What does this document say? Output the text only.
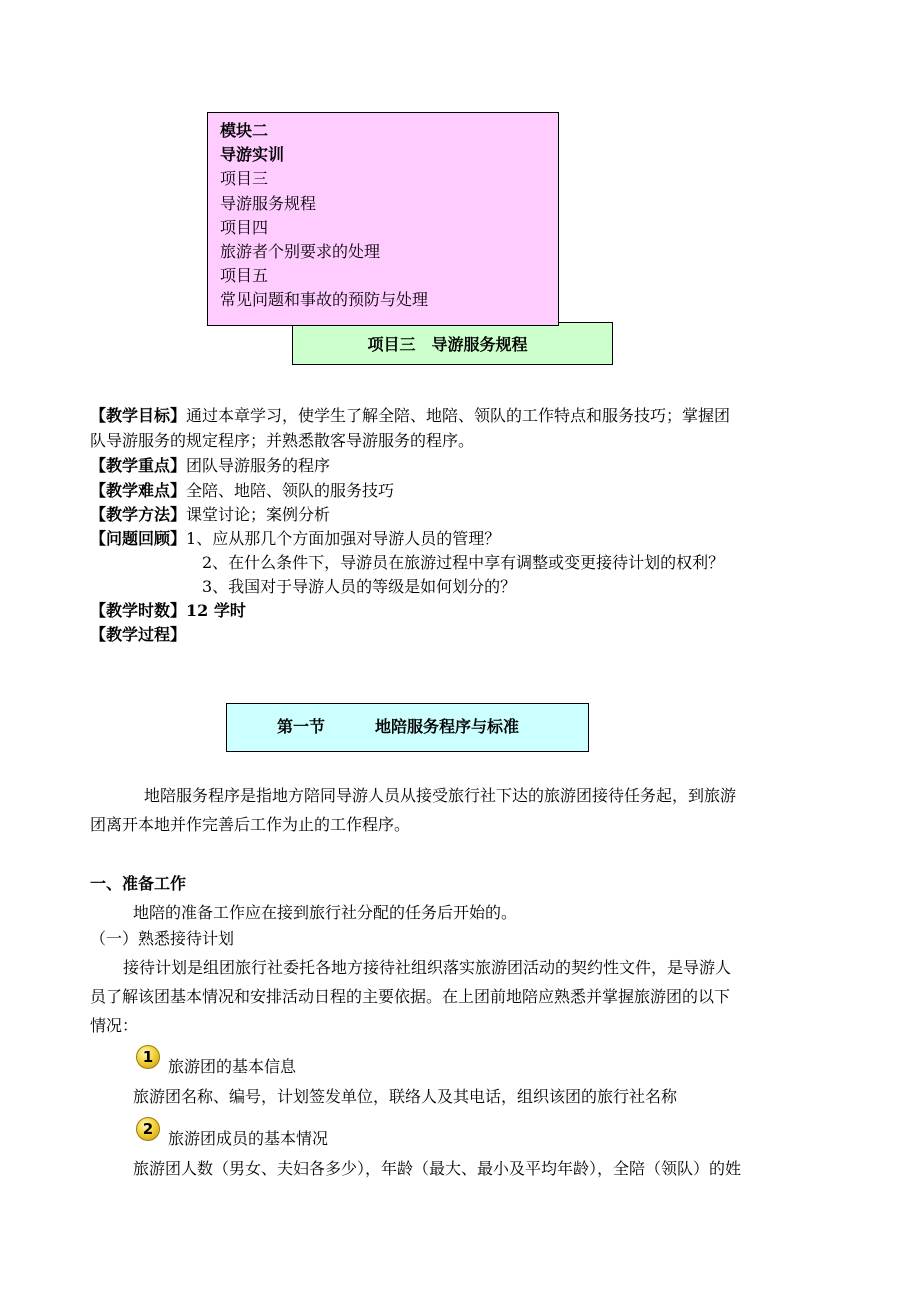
项目三　导游服务规程
模块二
导游实训
项目三
导游服务规程
项目四
旅游者个别要求的处理
项目五
常见问题和事故的预防与处理
【教学目标】通过本章学习，使学生了解全陪、地陪、领队的工作特点和服务技巧；掌握团
队导游服务的规定程序；并熟悉散客导游服务的程序。
【教学重点】团队导游服务的程序
【教学难点】全陪、地陪、领队的服务技巧
【教学方法】课堂讨论；案例分析
【问题回顾】1、应从那几个方面加强对导游人员的管理？
2、在什么条件下，导游员在旅游过程中享有调整或变更接待计划的权利？
3、我国对于导游人员的等级是如何划分的？
【教学时数】12 学时
【教学过程】
第一节	地陪服务程序与标准
地陪服务程序是指地方陪同导游人员从接受旅行社下达的旅游团接待任务起，到旅游
团离开本地并作完善后工作为止的工作程序。
一、准备工作
地陪的准备工作应在接到旅行社分配的任务后开始的。
（一）熟悉接待计划
接待计划是组团旅行社委托各地方接待社组织落实旅游团活动的契约性文件，是导游人
员了解该团基本情况和安排活动日程的主要依据。在上团前地陪应熟悉并掌握旅游团的以下
情况：
1 旅游团的基本信息
旅游团名称、编号，计划签发单位，联络人及其电话，组织该团的旅行社名称
2 旅游团成员的基本情况
旅游团人数（男女、夫妇各多少），年龄（最大、最小及平均年龄），全陪（领队）的姓
